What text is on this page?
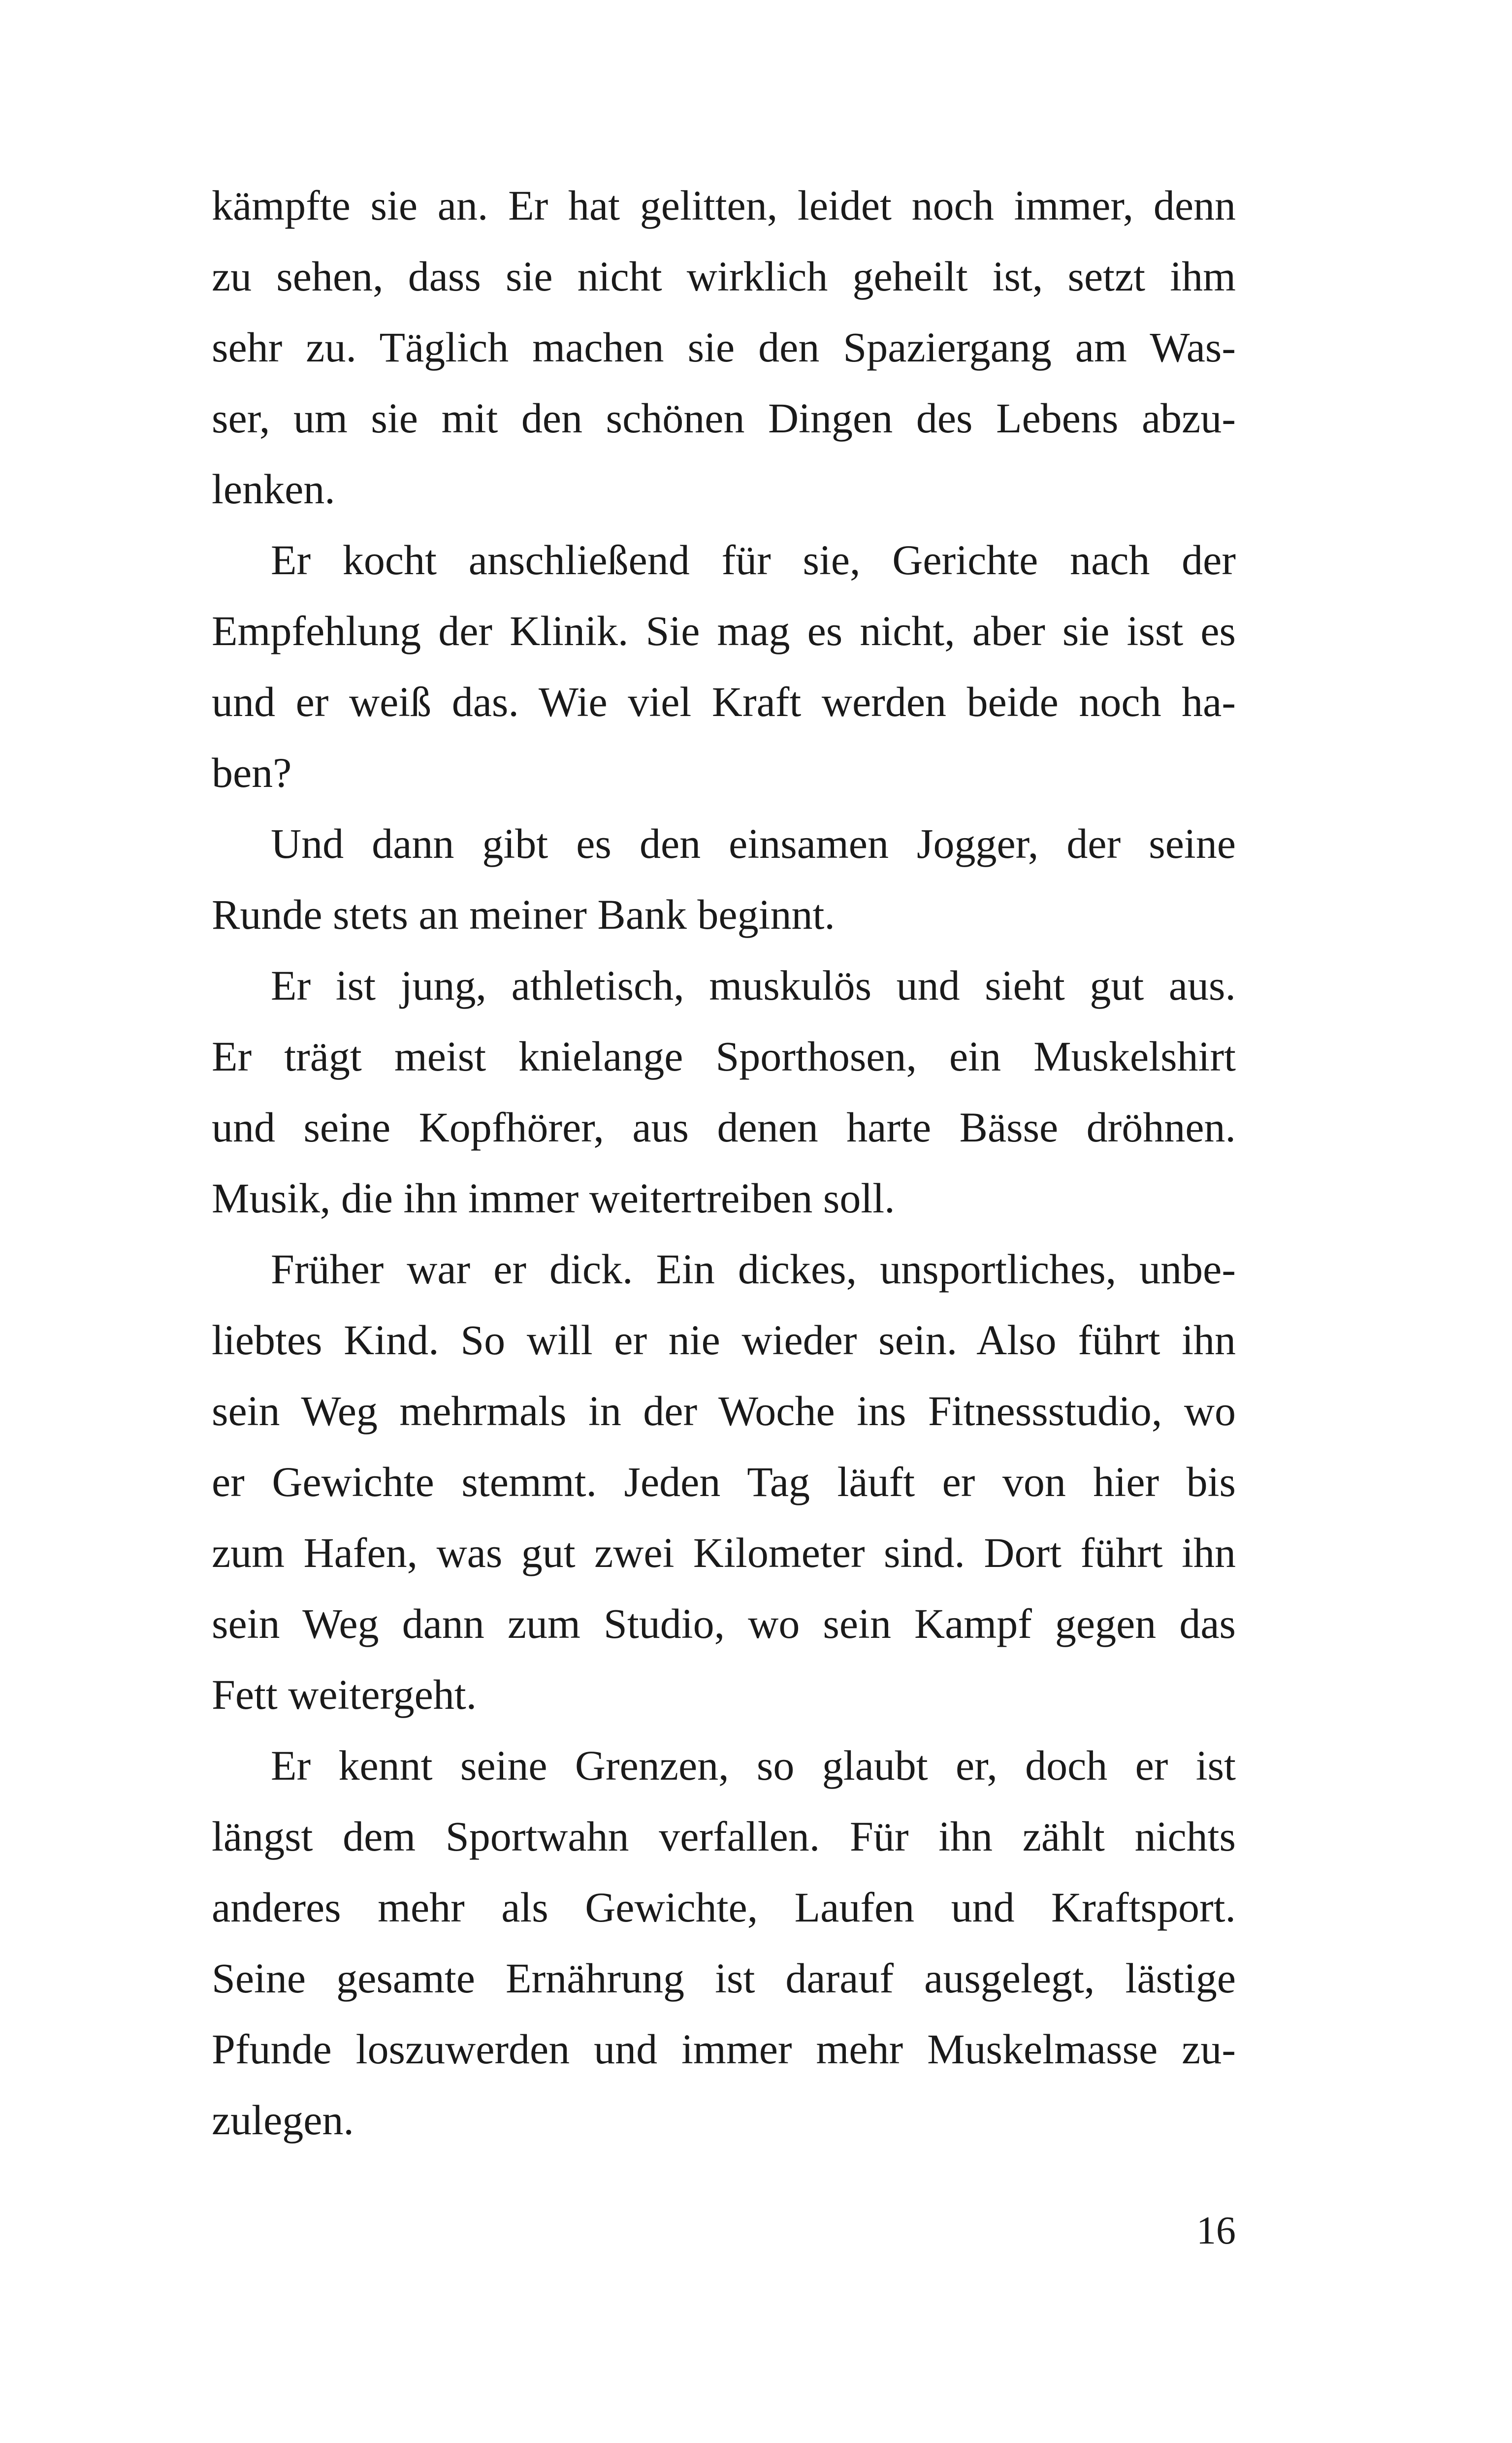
kämpfte sie an. Er hat gelitten, leidet noch immer, denn
zu sehen, dass sie nicht wirklich geheilt ist, setzt ihm
sehr zu. Täglich machen sie den Spaziergang am Was-
ser, um sie mit den schönen Dingen des Lebens abzu-
lenken.
Er kocht anschließend für sie, Gerichte nach der
Empfehlung der Klinik. Sie mag es nicht, aber sie isst es
und er weiß das. Wie viel Kraft werden beide noch ha-
ben?
Und dann gibt es den einsamen Jogger, der seine
Runde stets an meiner Bank beginnt.
Er ist jung, athletisch, muskulös und sieht gut aus.
Er trägt meist knielange Sporthosen, ein Muskelshirt
und seine Kopfhörer, aus denen harte Bässe dröhnen.
Musik, die ihn immer weitertreiben soll.
Früher war er dick. Ein dickes, unsportliches, unbe-
liebtes Kind. So will er nie wieder sein. Also führt ihn
sein Weg mehrmals in der Woche ins Fitnessstudio, wo
er Gewichte stemmt. Jeden Tag läuft er von hier bis
zum Hafen, was gut zwei Kilometer sind. Dort führt ihn
sein Weg dann zum Studio, wo sein Kampf gegen das
Fett weitergeht.
Er kennt seine Grenzen, so glaubt er, doch er ist
längst dem Sportwahn verfallen. Für ihn zählt nichts
anderes mehr als Gewichte, Laufen und Kraftsport.
Seine gesamte Ernährung ist darauf ausgelegt, lästige
Pfunde loszuwerden und immer mehr Muskelmasse zu-
zulegen.
16
